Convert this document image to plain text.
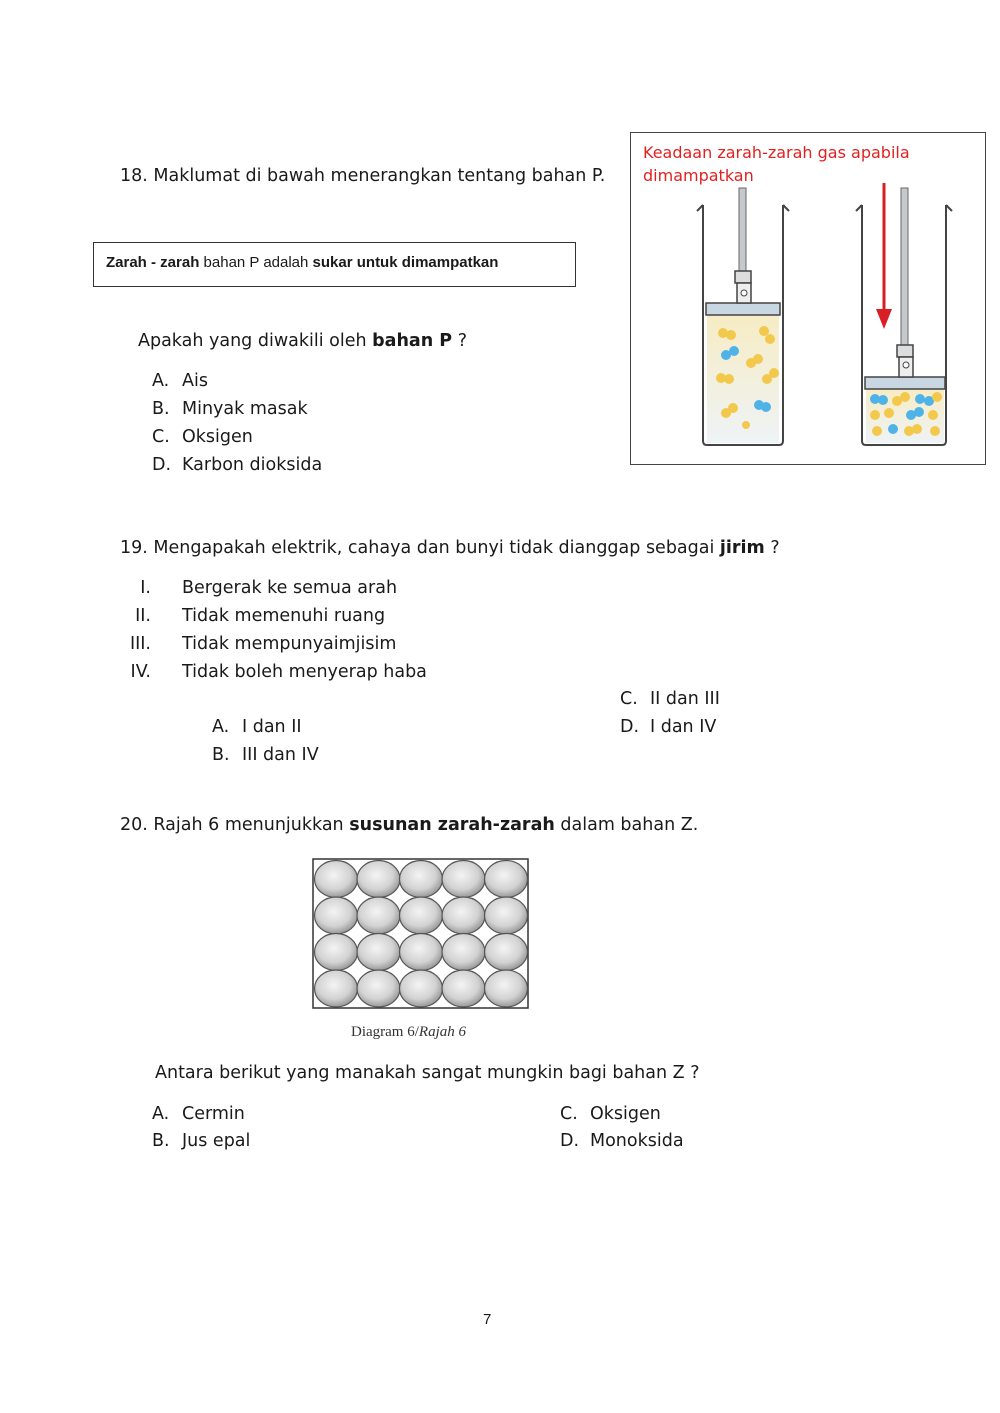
18. Maklumat di bawah menerangkan tentang bahan P.
Zarah - zarah bahan P adalah sukar untuk dimampatkan
Apakah yang diwakili oleh bahan P ?
A. Ais
B. Minyak masak
C. Oksigen
D. Karbon dioksida
Keadaan zarah-zarah gas apabila dimampatkan
19. Mengapakah elektrik, cahaya dan bunyi tidak dianggap sebagai jirim ?
I. Bergerak ke semua arah
II. Tidak memenuhi ruang
III. Tidak mempunyaimjisim
IV. Tidak boleh menyerap haba
A. I dan II
B. III dan IV
C. II dan III
D. I dan IV
20. Rajah 6 menunjukkan susunan zarah-zarah dalam bahan Z.
Diagram 6/Rajah 6
Antara berikut yang manakah sangat mungkin bagi bahan Z ?
A. Cermin
B. Jus epal
C. Oksigen
D. Monoksida
7
